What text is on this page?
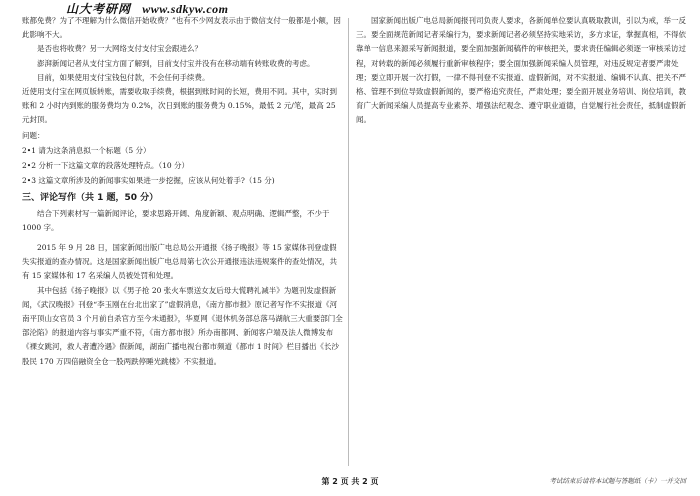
山大考研网 www.sdkyw.com

账都免费？为了不理解为什么微信开始收费？”也有不少网友表示由于微信支付一般都是小额，因此影响不大。

是否也将收费？另一大网络支付支付宝会跟进么？

澎湃新闻记者从支付宝方面了解到，目前支付宝并没有在移动端有转账收费的考虑。

目前，如果使用支付宝钱包付款，不会任何手续费。

近使用支付宝在网页版转账，需要收取手续费，根据到账时间的长短，费用不同。其中，实时到账和 2 小时内到账的服务费均为 0.2%，次日到账的服务费为 0.15%，最低 2 元/笔，最高 25 元封顶。

问题：

2•1 请为这条消息拟一个标题（5 分）

2•2 分析一下这篇文章的段落处理特点。（10 分）

2•3 这篇文章所涉及的新闻事实如果进一步挖掘，应该从何处着手?（15 分)

三、评论写作（共 1 题，50 分）

结合下列素材写一篇新闻评论，要求思路开阔、角度新颖、观点明确、逻辑严整，不少于 1000 字。

2015 年 9 月 28 日，国家新闻出版广电总局公开通报《扬子晚报》等 15 家媒体刊登虚假失实报道的查办情况。这是国家新闻出版广电总局第七次公开通报违法违规案件的查处情况，共有 15 家媒体和 17 名采编人员被处罚和处理。

其中包括《扬子晚报》以《男子抢 20 张火车票送女友后母大慌聘礼减半》为题刊发虚假新闻，《武汉晚报》刊登“李玉刚在台北出家了”虚假消息，《南方都市报》原记者写作不实报道《河南平顶山女官员 3 个月前自杀官方至今未通报》，华夏网《退休机务部总落马湖航三大重要部门全部沦陷》的报道内容与事实严重不符，《南方都市报》所办南都网、新闻客户端及法人微博发布《裸女跳河，救人者遭冷遇》假新闻，湖南广播电视台都市频道《都市 1 时间》栏目播出《长沙股民 170 万四倍融资全仓一股两跌停睡光跳楼》不实报道。

国家新闻出版广电总局新闻报刊司负责人要求，各新闻单位要认真吸取教训，引以为戒，举一反三。要全面规范新闻记者采编行为，要求新闻记者必须坚持实地采访，多方求证，掌握真相，不得依靠单一信息来源采写新闻报道，要全面加强新闻稿件的审核把关，要求责任编辑必须逐一审核采访过程，对转载的新闻必须履行重新审核程序；要全面加强新闻采编人员管理，对违反规定者要严肃处理；要立即开展一次打假，一律不得刊登不实报道、虚假新闻，对不实报道、编辑不认真、把关不严格、管理不到位导致虚假新闻的，要严格追究责任，严肃处理；要全面开展业务培训、岗位培训，教育广大新闻采编人员提高专业素养、增强法纪观念、遵守职业道德，自觉履行社会责任，抵制虚假新闻。

第 2 页 共 2 页	考试结束后请将本试题与答题纸（卡）一并交回
